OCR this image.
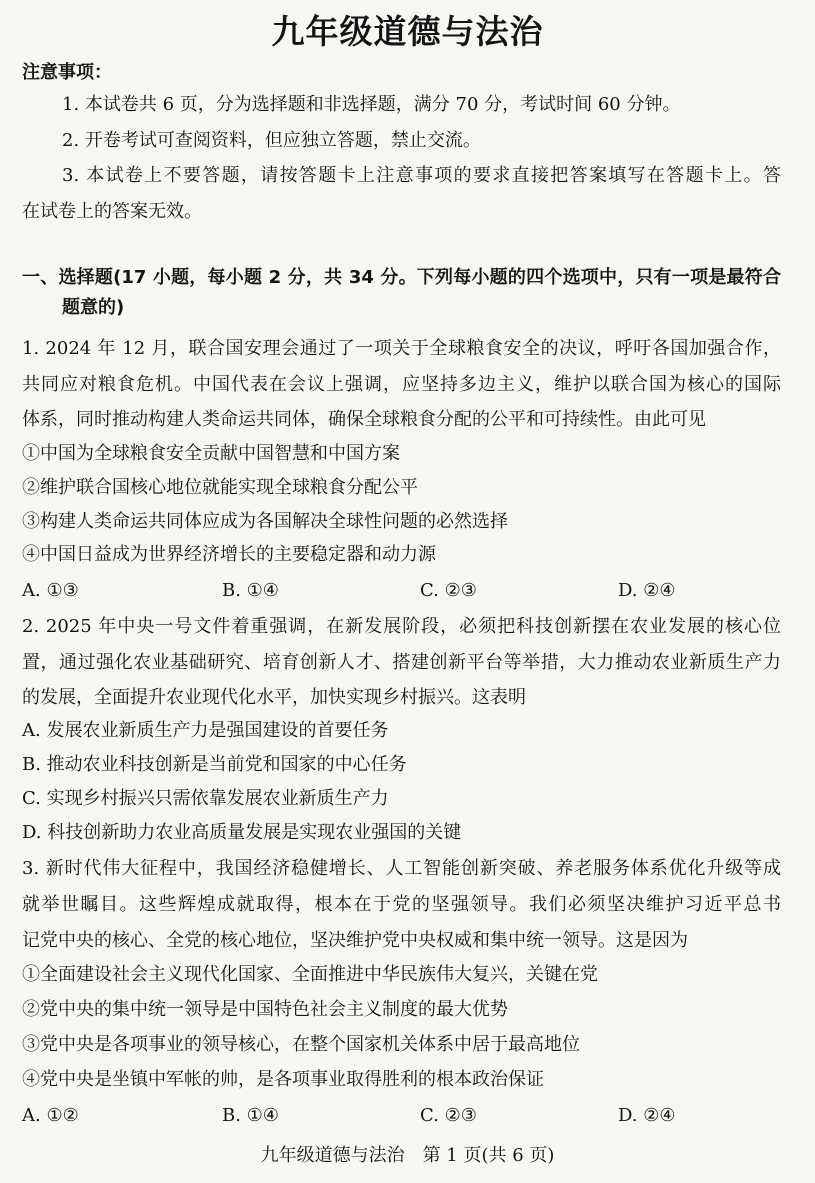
九年级道德与法治
注意事项：
1. 本试卷共 6 页，分为选择题和非选择题，满分 70 分，考试时间 60 分钟。
2. 开卷考试可查阅资料，但应独立答题，禁止交流。
3. 本试卷上不要答题，请按答题卡上注意事项的要求直接把答案填写在答题卡上。答
在试卷上的答案无效。
一、选择题(17 小题，每小题 2 分，共 34 分。下列每小题的四个选项中，只有一项是最符合
题意的)
1. 2024 年 12 月，联合国安理会通过了一项关于全球粮食安全的决议，呼吁各国加强合作，
共同应对粮食危机。中国代表在会议上强调，应坚持多边主义，维护以联合国为核心的国际
体系，同时推动构建人类命运共同体，确保全球粮食分配的公平和可持续性。由此可见
①中国为全球粮食安全贡献中国智慧和中国方案
②维护联合国核心地位就能实现全球粮食分配公平
③构建人类命运共同体应成为各国解决全球性问题的必然选择
④中国日益成为世界经济增长的主要稳定器和动力源
A. ①③	B. ①④	C. ②③	D. ②④
2. 2025 年中央一号文件着重强调，在新发展阶段，必须把科技创新摆在农业发展的核心位
置，通过强化农业基础研究、培育创新人才、搭建创新平台等举措，大力推动农业新质生产力
的发展，全面提升农业现代化水平，加快实现乡村振兴。这表明
A. 发展农业新质生产力是强国建设的首要任务
B. 推动农业科技创新是当前党和国家的中心任务
C. 实现乡村振兴只需依靠发展农业新质生产力
D. 科技创新助力农业高质量发展是实现农业强国的关键
3. 新时代伟大征程中，我国经济稳健增长、人工智能创新突破、养老服务体系优化升级等成
就举世瞩目。这些辉煌成就取得，根本在于党的坚强领导。我们必须坚决维护习近平总书
记党中央的核心、全党的核心地位，坚决维护党中央权威和集中统一领导。这是因为
①全面建设社会主义现代化国家、全面推进中华民族伟大复兴，关键在党
②党中央的集中统一领导是中国特色社会主义制度的最大优势
③党中央是各项事业的领导核心，在整个国家机关体系中居于最高地位
④党中央是坐镇中军帐的帅，是各项事业取得胜利的根本政治保证
A. ①②	B. ①④	C. ②③	D. ②④
九年级道德与法治　第 1 页(共 6 页)
